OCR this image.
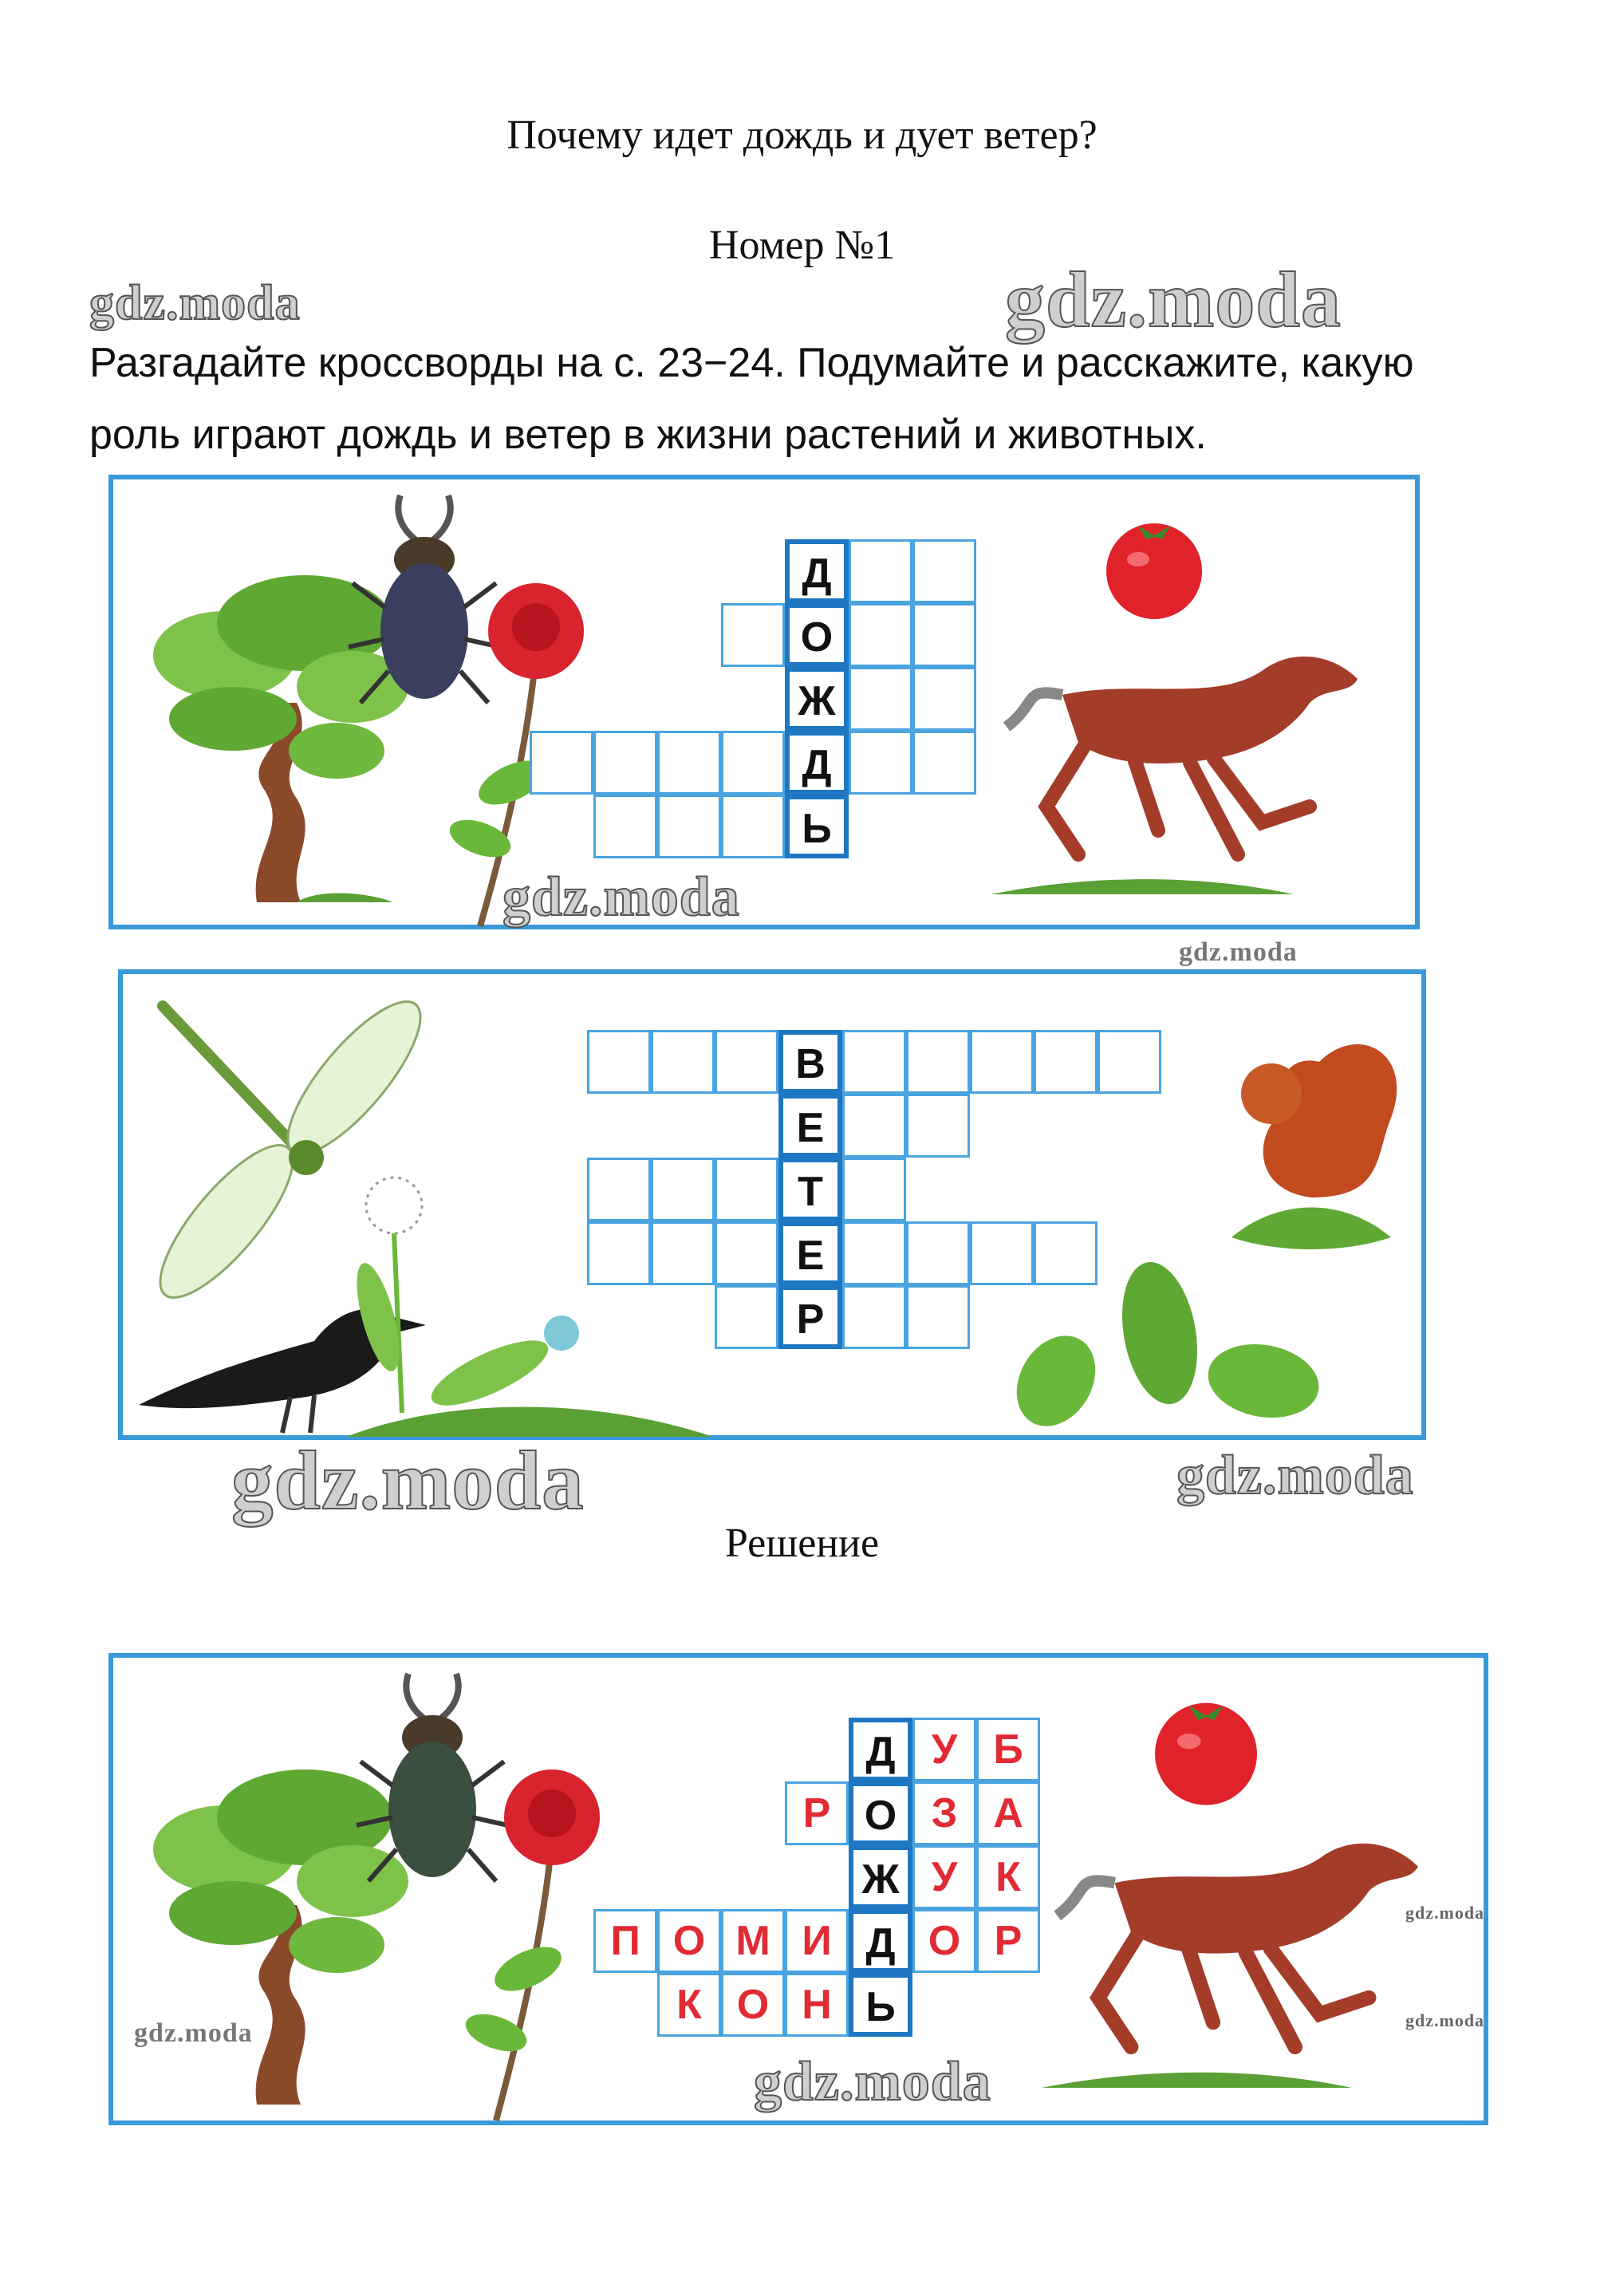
Почему идет дождь и дует ветер?
Номер №1
Разгадайте кроссворды на с. 23−24. Подумайте и расскажите, какую
роль играют дождь и ветер в жизни растений и животных.
Д
О
Ж
Д
Ь
В
Е
Т
Е
Р
Решение
Д У Б
Р О З А
Ж У К
П О М И Д О Р
К О Н Ь
gdz.moda	gdz.moda
gdz.moda
gdz.moda
gdz.moda	gdz.moda
gdz.moda
gdz.moda
gdz.moda
gdz.moda
